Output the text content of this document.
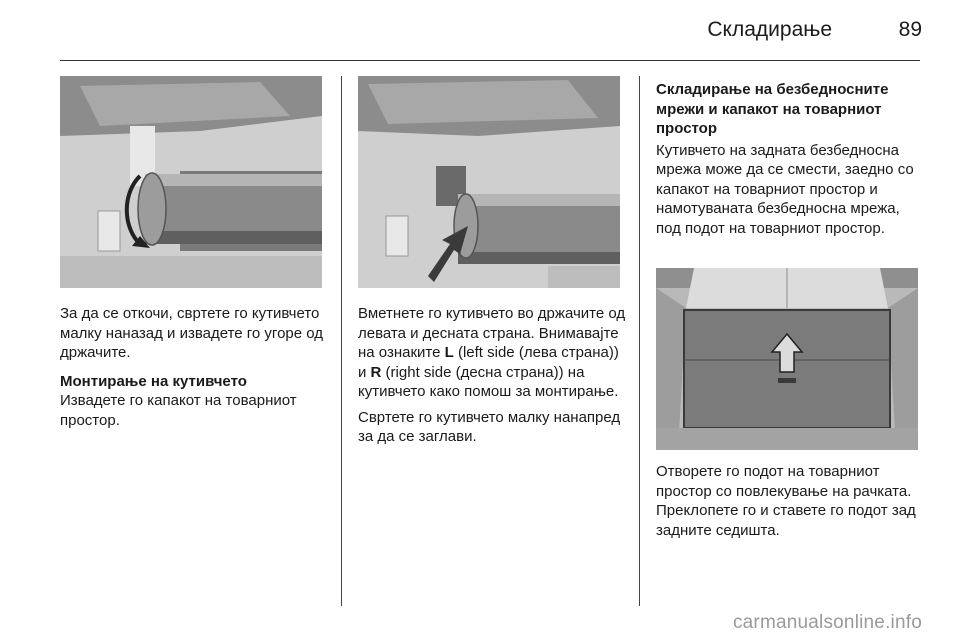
Складирање	89

За да се откочи, свртете го кутивчето малку наназад и извадете го угоре од држачите.

Монтирање на кутивчето

Извадете го капакот на товарниот простор.

Вметнете го кутивчето во држачите од левата и десната страна. Внимавајте на ознаките L (left side (лева страна)) и R (right side (десна страна)) на кутивчето како помош за монтирање.

Свртете го кутивчето малку нанапред за да се заглави.

Складирање на безбедносните мрежи и капакот на товарниот простор

Кутивчето на задната безбедносна мрежа може да се смести, заедно со капакот на товарниот простор и намотуваната безбедносна мрежа, под подот на товарниот простор.

Отворете го подот на товарниот простор со повлекување на рачката. Преклопете го и ставете го подот зад задните седишта.

carmanualsonline.info
